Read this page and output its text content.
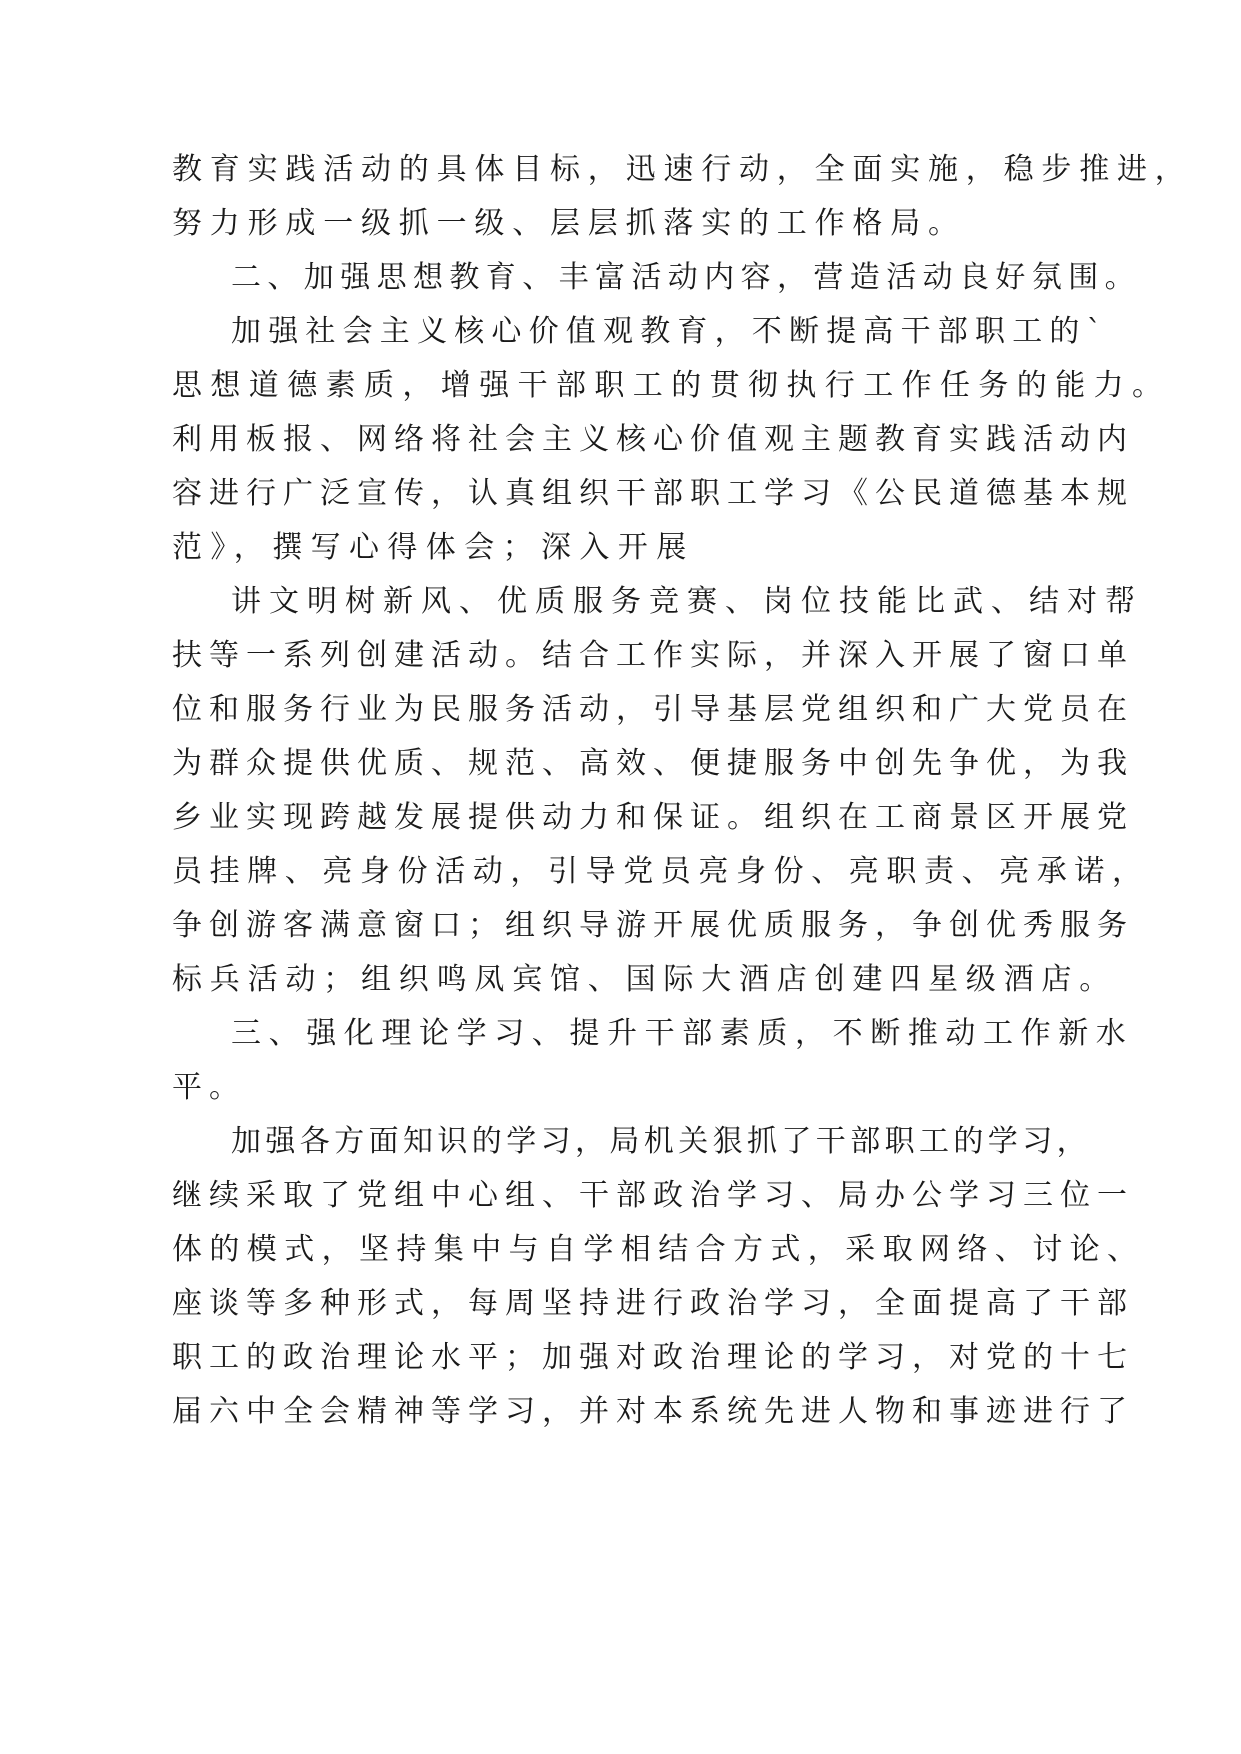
教育实践活动的具体目标，迅速行动，全面实施，稳步推进，
努力形成一级抓一级、层层抓落实的工作格局。
二、加强思想教育、丰富活动内容，营造活动良好氛围。
加强社会主义核心价值观教育，不断提高干部职工的`
思想道德素质，增强干部职工的贯彻执行工作任务的能力。
利用板报、网络将社会主义核心价值观主题教育实践活动内
容进行广泛宣传，认真组织干部职工学习《公民道德基本规
范》，撰写心得体会；深入开展
讲文明树新风、优质服务竞赛、岗位技能比武、结对帮
扶等一系列创建活动。结合工作实际，并深入开展了窗口单
位和服务行业为民服务活动，引导基层党组织和广大党员在
为群众提供优质、规范、高效、便捷服务中创先争优，为我
乡业实现跨越发展提供动力和保证。组织在工商景区开展党
员挂牌、亮身份活动，引导党员亮身份、亮职责、亮承诺，
争创游客满意窗口；组织导游开展优质服务，争创优秀服务
标兵活动；组织鸣凤宾馆、国际大酒店创建四星级酒店。
三、强化理论学习、提升干部素质，不断推动工作新水
平。
加强各方面知识的学习，局机关狠抓了干部职工的学习，
继续采取了党组中心组、干部政治学习、局办公学习三位一
体的模式，坚持集中与自学相结合方式，采取网络、讨论、
座谈等多种形式，每周坚持进行政治学习，全面提高了干部
职工的政治理论水平；加强对政治理论的学习，对党的十七
届六中全会精神等学习，并对本系统先进人物和事迹进行了
